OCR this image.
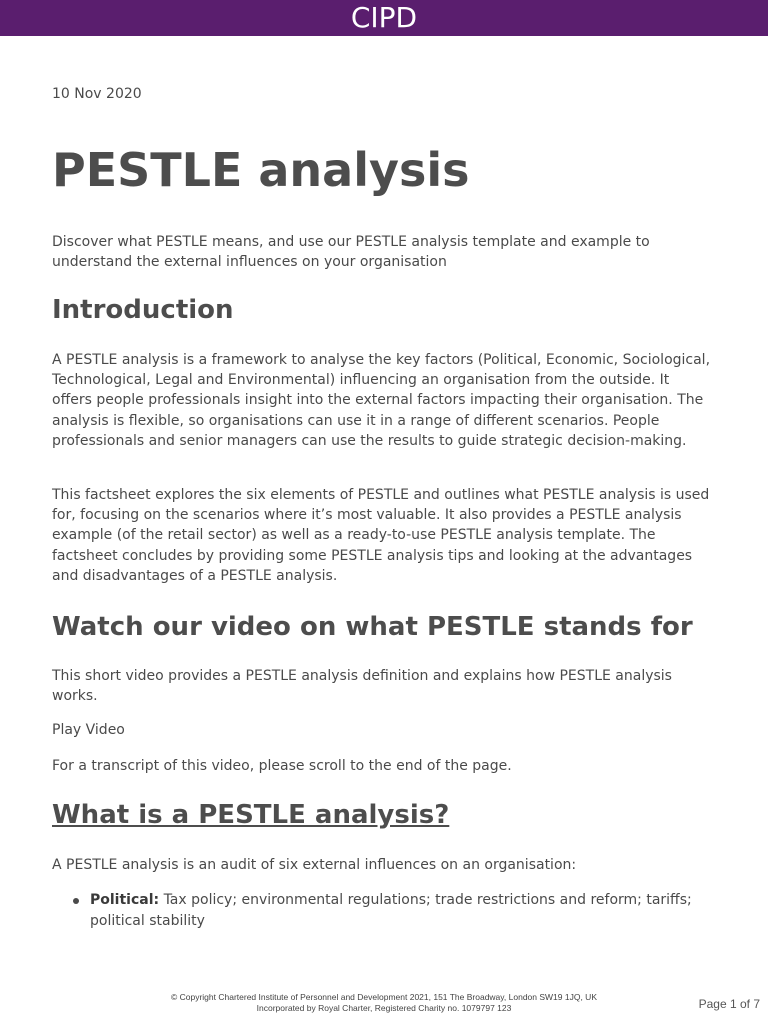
CIPD
10 Nov 2020
PESTLE analysis

Discover what PESTLE means, and use our PESTLE analysis template and example to understand the external influences on your organisation

Introduction

A PESTLE analysis is a framework to analyse the key factors (Political, Economic, Sociological, Technological, Legal and Environmental) influencing an organisation from the outside. It offers people professionals insight into the external factors impacting their organisation. The analysis is flexible, so organisations can use it in a range of different scenarios. People professionals and senior managers can use the results to guide strategic decision-making.

This factsheet explores the six elements of PESTLE and outlines what PESTLE analysis is used for, focusing on the scenarios where it’s most valuable. It also provides a PESTLE analysis example (of the retail sector) as well as a ready-to-use PESTLE analysis template. The factsheet concludes by providing some PESTLE analysis tips and looking at the advantages and disadvantages of a PESTLE analysis.

Watch our video on what PESTLE stands for

This short video provides a PESTLE analysis definition and explains how PESTLE analysis works.

Play Video

For a transcript of this video, please scroll to the end of the page.

What is a PESTLE analysis?

A PESTLE analysis is an audit of six external influences on an organisation:

Political: Tax policy; environmental regulations; trade restrictions and reform; tariffs; political stability
© Copyright Chartered Institute of Personnel and Development 2021, 151 The Broadway, London SW19 1JQ, UK
Incorporated by Royal Charter, Registered Charity no. 1079797 123	Page 1 of 7
